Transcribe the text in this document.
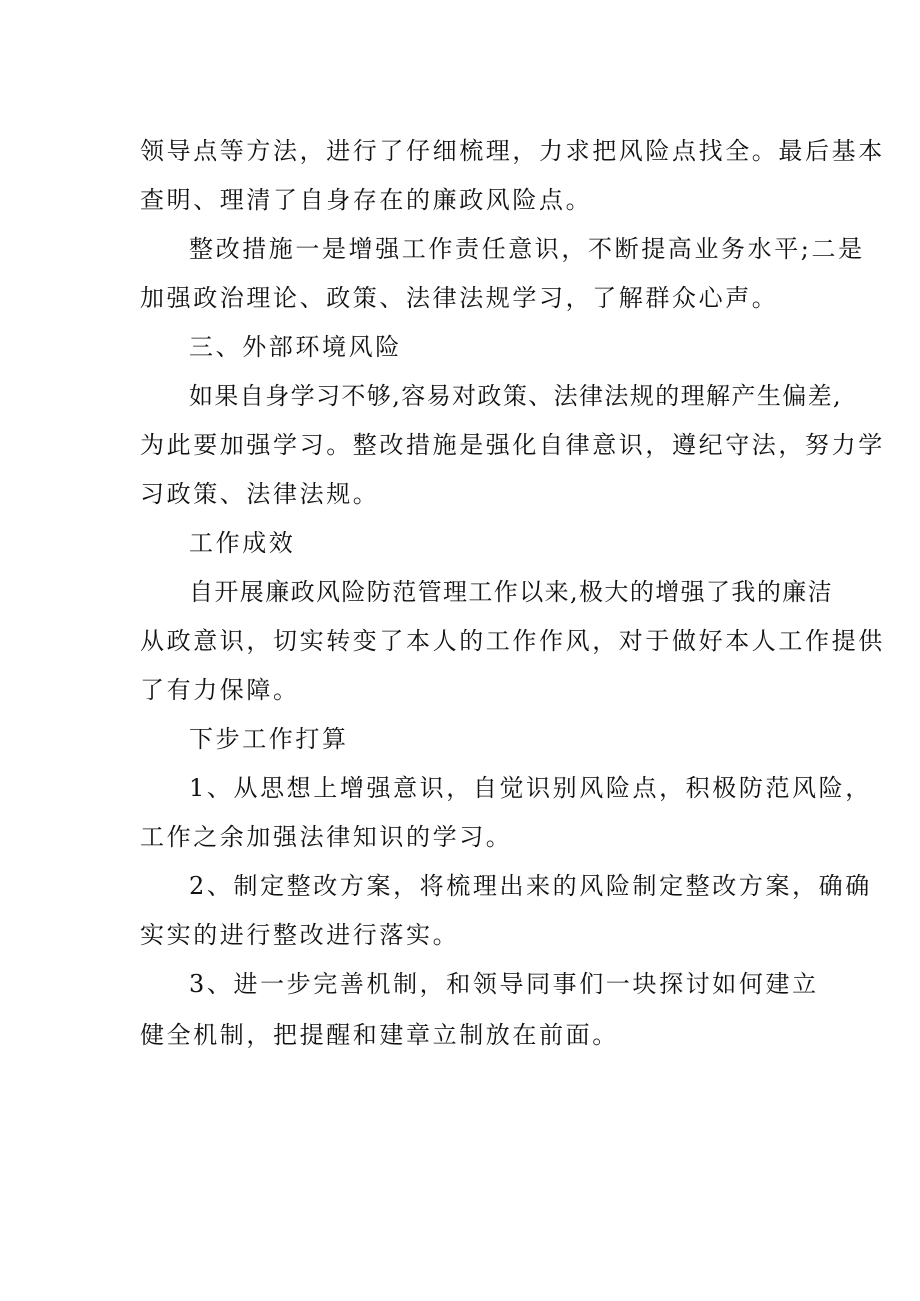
领导点等方法，进行了仔细梳理，力求把风险点找全。最后基本
查明、理清了自身存在的廉政风险点。
整改措施一是增强工作责任意识，不断提高业务水平;二是
加强政治理论、政策、法律法规学习，了解群众心声。
三、外部环境风险
如果自身学习不够,容易对政策、法律法规的理解产生偏差,
为此要加强学习。整改措施是强化自律意识，遵纪守法，努力学
习政策、法律法规。
工作成效
自开展廉政风险防范管理工作以来,极大的增强了我的廉洁
从政意识，切实转变了本人的工作作风，对于做好本人工作提供
了有力保障。
下步工作打算
1、从思想上增强意识，自觉识别风险点，积极防范风险，
工作之余加强法律知识的学习。
2、制定整改方案，将梳理出来的风险制定整改方案，确确
实实的进行整改进行落实。
3、进一步完善机制，和领导同事们一块探讨如何建立
健全机制，把提醒和建章立制放在前面。
